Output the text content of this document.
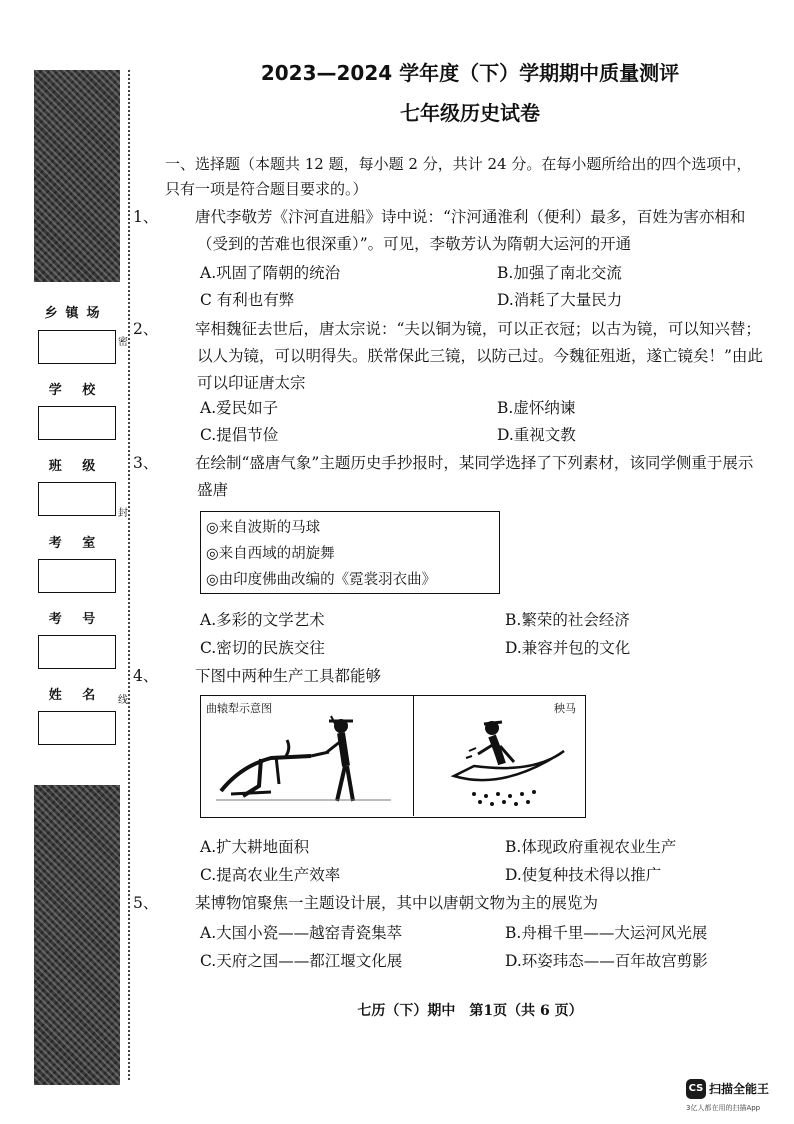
乡镇场
学 校
班 级
考 室
考 号
姓 名
密
封
线
2023—2024 学年度（下）学期期中质量测评
七年级历史试卷
一、选择题（本题共 12 题，每小题 2 分，共计 24 分。在每小题所给出的四个选项中，只有一项是符合题目要求的。）
1、 唐代李敬芳《汴河直进船》诗中说：“汴河通淮利（便利）最多，百姓为害亦相和（受到的苦难也很深重）”。可见，李敬芳认为隋朝大运河的开通
A.巩固了隋朝的统治	B.加强了南北交流
C 有利也有弊	D.消耗了大量民力
2、 宰相魏征去世后，唐太宗说：“夫以铜为镜，可以正衣冠；以古为镜，可以知兴替；以人为镜，可以明得失。朕常保此三镜，以防己过。今魏征殂逝，遂亡镜矣！”由此可以印证唐太宗
A.爱民如子	B.虚怀纳谏
C.提倡节俭	D.重视文教
3、 在绘制“盛唐气象”主题历史手抄报时，某同学选择了下列素材，该同学侧重于展示盛唐
◎来自波斯的马球
◎来自西域的胡旋舞
◎由印度佛曲改编的《霓裳羽衣曲》
A.多彩的文学艺术	B.繁荣的社会经济
C.密切的民族交往	D.兼容并包的文化
4、 下图中两种生产工具都能够
曲辕犁示意图	秧马
A.扩大耕地面积	B.体现政府重视农业生产
C.提高农业生产效率	D.使复种技术得以推广
5、 某博物馆聚焦一主题设计展，其中以唐朝文物为主的展览为
A.大国小瓷——越窑青瓷集萃	B.舟楫千里——大运河风光展
C.天府之国——都江堰文化展	D.环姿玮态——百年故宫剪影
七历（下）期中　第1页（共 6 页）
CS 扫描全能王
3亿人都在用的扫描App
